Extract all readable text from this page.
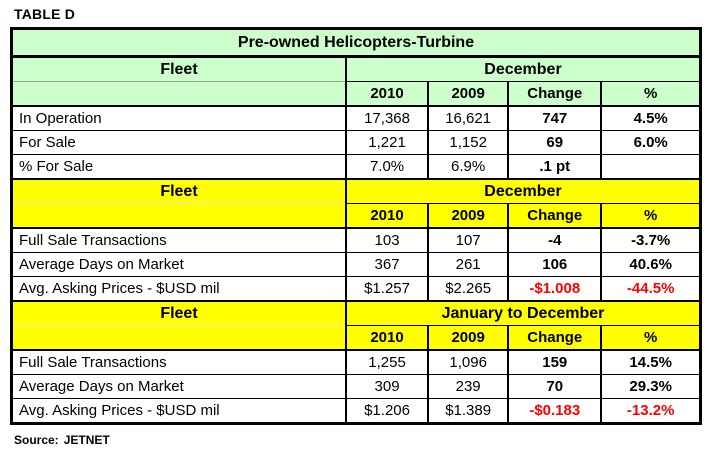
TABLE D
Pre-owned Helicopters-Turbine				
Fleet	December			
	2010	2009	Change	%
In Operation	17,368	16,621	747	4.5%
For Sale	1,221	1,152	69	6.0%
% For Sale	7.0%	6.9%	.1 pt	
Fleet	December			
	2010	2009	Change	%
Full Sale Transactions	103	107	-4	-3.7%
Average Days on Market	367	261	106	40.6%
Avg. Asking Prices - $USD mil	$1.257	$2.265	-$1.008	-44.5%
Fleet	January to December			
	2010	2009	Change	%
Full Sale Transactions	1,255	1,096	159	14.5%
Average Days on Market	309	239	70	29.3%
Avg. Asking Prices - $USD mil	$1.206	$1.389	-$0.183	-13.2%
Source: JETNET
